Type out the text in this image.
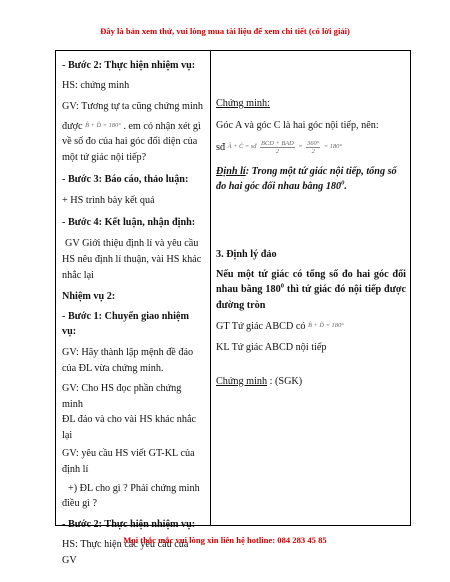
Đây là bản xem thử, vui lòng mua tài liệu để xem chi tiết (có lời giải)

- Bước 2: Thực hiện nhiệm vụ:

HS: chứng minh

GV: Tương tự ta cũng chứng minh

được B̂ + D̂ = 180° . em có nhận xét gì

về số đo của hai góc đối diện của

một tứ giác nội tiếp?

- Bước 3: Báo cáo, thảo luận:

+ HS trình bày kết quả

- Bước 4: Kết luận, nhận định:

GV Giới thiệu định lí và yêu cầu

HS nêu định lí thuận, vài HS khác

nhắc lại

Nhiệm vụ 2:

- Bước 1: Chuyển giao nhiệm vụ:

GV: Hãy thành lập mệnh đề đảo

của ĐL vừa chứng minh.

GV: Cho HS đọc phần chứng minh

ĐL đảo và cho vài HS khác nhắc lại

GV: yêu cầu HS viết GT-KL của

định lí

+) ĐL cho gì ? Phải chứng minh

điều gì ?

- Bước 2: Thực hiện nhiệm vụ:

HS: Thực hiện các yêu cầu của GV

Chứng minh:

Góc A và góc C là hai góc nội tiếp, nên:

sđ Â + Ĉ = sđ $\frac{\text{BCD + BAD}}{2} = \frac{360^\circ}{2} = 180^\circ$

Định lí: Trong một tứ giác nội tiếp, tổng số đo hai góc đối nhau bằng $180^0$.

3. Định lý đảo

Nếu một tứ giác có tổng số đo hai góc đối nhau bằng $180^0$ thì tứ giác đó nội tiếp được đường tròn

GT Tứ giác ABCD có B̂ + D̂ = 180°

KL Tứ giác ABCD nội tiếp

Chứng minh : (SGK)

Mọi thắc mắc vui lòng xin liên hệ hotline: 084 283 45 85
